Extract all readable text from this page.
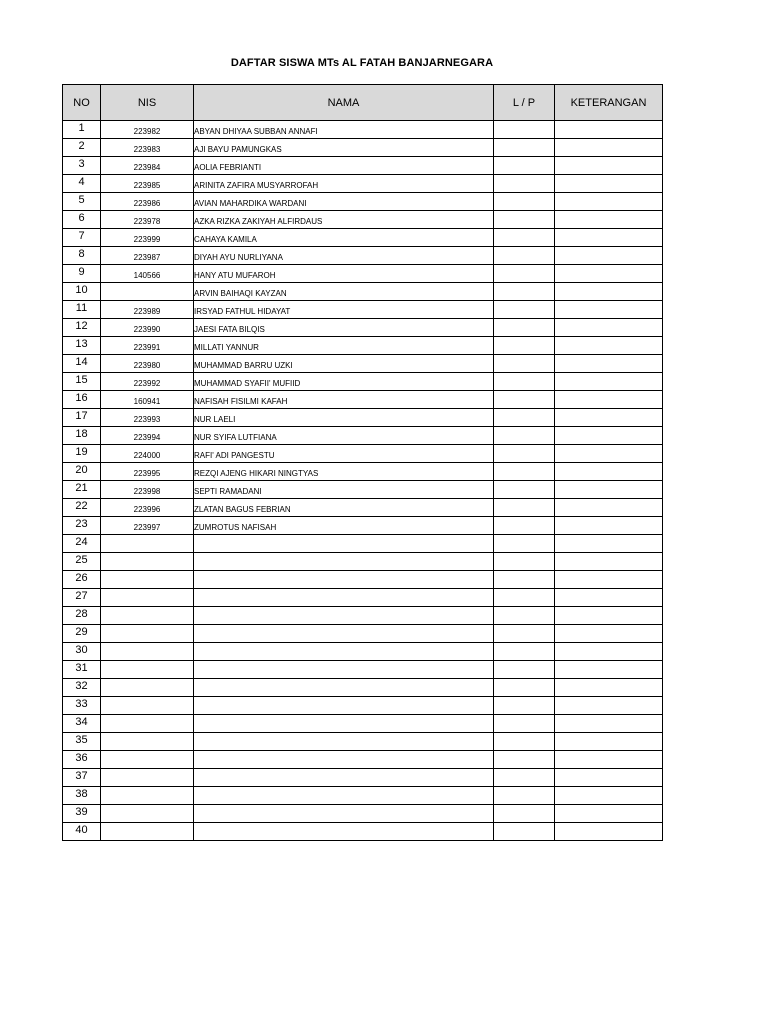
DAFTAR SISWA MTs AL FATAH BANJARNEGARA
NO	NIS	NAMA	L / P	KETERANGAN
1	223982	ABYAN DHIYAA SUBBAN ANNAFI		
2	223983	AJI BAYU PAMUNGKAS		
3	223984	AOLIA FEBRIANTI		
4	223985	ARINITA ZAFIRA MUSYARROFAH		
5	223986	AVIAN MAHARDIKA WARDANI		
6	223978	AZKA RIZKA ZAKIYAH ALFIRDAUS		
7	223999	CAHAYA KAMILA		
8	223987	DIYAH AYU NURLIYANA		
9	140566	HANY ATU MUFAROH		
10		ARVIN BAIHAQI KAYZAN		
11	223989	IRSYAD FATHUL HIDAYAT		
12	223990	JAESI FATA BILQIS		
13	223991	MILLATI YANNUR		
14	223980	MUHAMMAD BARRU UZKI		
15	223992	MUHAMMAD SYAFII' MUFIID		
16	160941	NAFISAH FISILMI KAFAH		
17	223993	NUR LAELI		
18	223994	NUR SYIFA LUTFIANA		
19	224000	RAFI' ADI PANGESTU		
20	223995	REZQI AJENG HIKARI NINGTYAS		
21	223998	SEPTI RAMADANI		
22	223996	ZLATAN BAGUS FEBRIAN		
23	223997	ZUMROTUS NAFISAH		
24				
25				
26				
27				
28				
29				
30				
31				
32				
33				
34				
35				
36				
37				
38				
39				
40				
